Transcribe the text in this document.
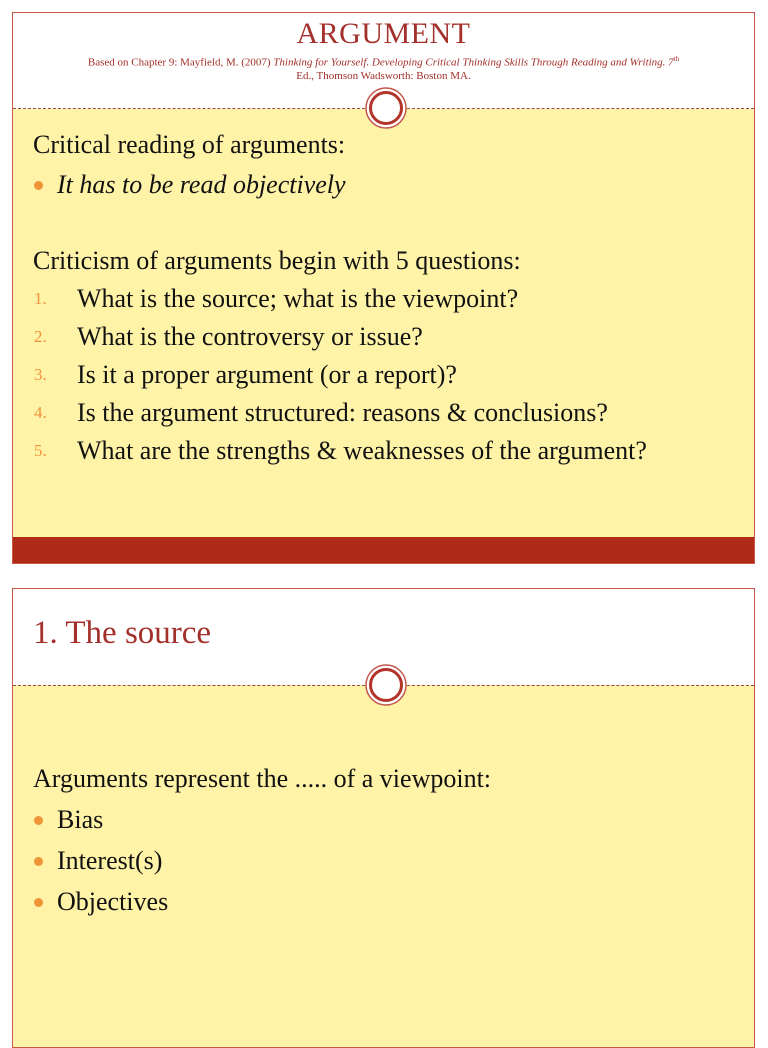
ARGUMENT
Based on Chapter 9: Mayfield, M. (2007) Thinking for Yourself. Developing Critical Thinking Skills Through Reading and Writing. 7th
Ed., Thomson Wadsworth: Boston MA.
Critical reading of arguments:
It has to be read objectively
Criticism of arguments begin with 5 questions:
1. What is the source; what is the viewpoint?
2. What is the controversy or issue?
3. Is it a proper argument (or a report)?
4. Is the argument structured: reasons & conclusions?
5. What are the strengths & weaknesses of the argument?
1. The source
Arguments represent the ..... of a viewpoint:
Bias
Interest(s)
Objectives
